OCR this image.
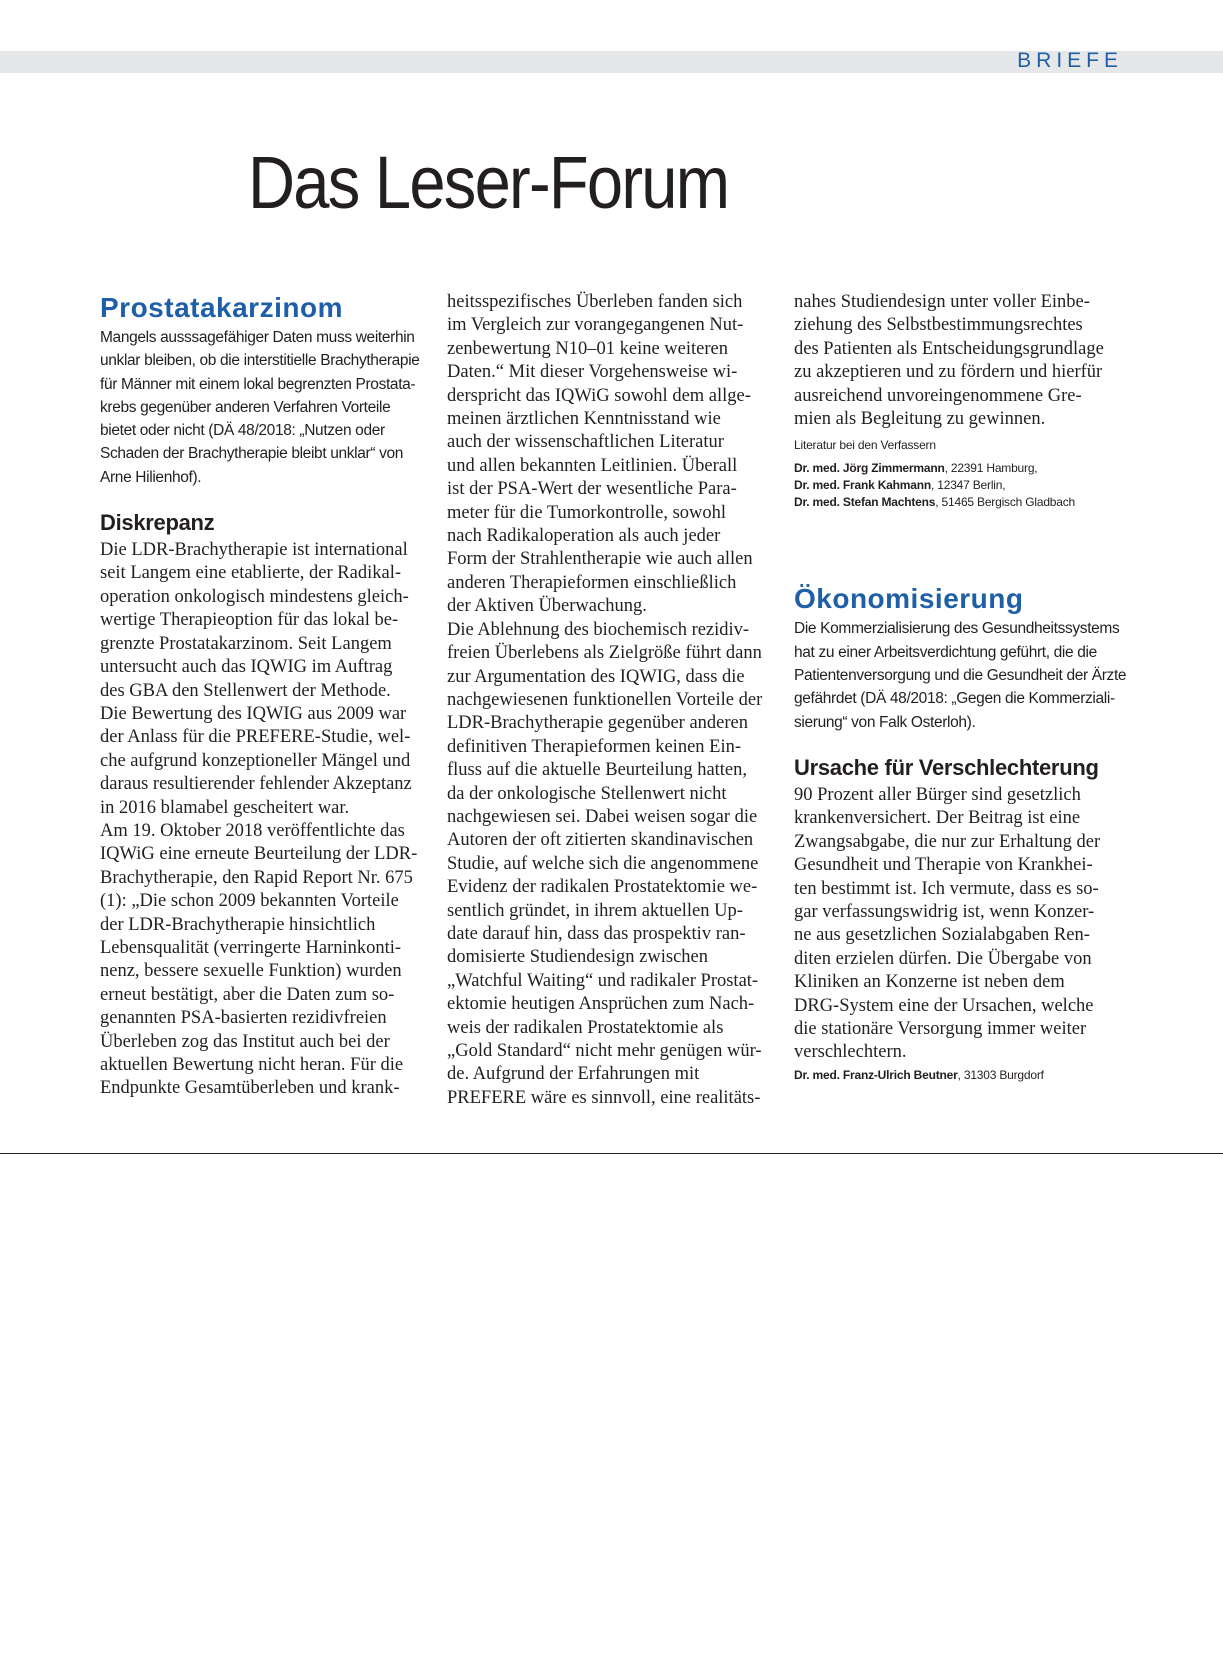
BRIEFE
Das Leser-Forum
Prostatakarzinom

Mangels ausssagefähiger Daten muss weiterhin
unklar bleiben, ob die interstitielle Brachytherapie
für Männer mit einem lokal begrenzten Prostata-
krebs gegenüber anderen Verfahren Vorteile
bietet oder nicht (DÄ 48/2018: „Nutzen oder
Schaden der Brachytherapie bleibt unklar“ von
Arne Hilienhof).

Diskrepanz

Die LDR-Brachytherapie ist international
seit Langem eine etablierte, der Radikal-
operation onkologisch mindestens gleich-
wertige Therapieoption für das lokal be-
grenzte Prostatakarzinom. Seit Langem
untersucht auch das IQWIG im Auftrag
des GBA den Stellenwert der Methode.
Die Bewertung des IQWIG aus 2009 war
der Anlass für die PREFERE-Studie, wel-
che aufgrund konzeptioneller Mängel und
daraus resultierender fehlender Akzeptanz
in 2016 blamabel gescheitert war.
Am 19. Oktober 2018 veröffentlichte das
IQWiG eine erneute Beurteilung der LDR-
Brachytherapie, den Rapid Report Nr. 675
(1): „Die schon 2009 bekannten Vorteile
der LDR-Brachytherapie hinsichtlich
Lebensqualität (verringerte Harninkonti-
nenz, bessere sexuelle Funktion) wurden
erneut bestätigt, aber die Daten zum so-
genannten PSA-basierten rezidivfreien
Überleben zog das Institut auch bei der
aktuellen Bewertung nicht heran. Für die
Endpunkte Gesamtüberleben und krank-

heitsspezifisches Überleben fanden sich
im Vergleich zur vorangegangenen Nut-
zenbewertung N10–01 keine weiteren
Daten.“ Mit dieser Vorgehensweise wi-
derspricht das IQWiG sowohl dem allge-
meinen ärztlichen Kenntnisstand wie
auch der wissenschaftlichen Literatur
und allen bekannten Leitlinien. Überall
ist der PSA-Wert der wesentliche Para-
meter für die Tumorkontrolle, sowohl
nach Radikaloperation als auch jeder
Form der Strahlentherapie wie auch allen
anderen Therapieformen einschließlich
der Aktiven Überwachung.
Die Ablehnung des biochemisch rezidiv-
freien Überlebens als Zielgröße führt dann
zur Argumentation des IQWIG, dass die
nachgewiesenen funktionellen Vorteile der
LDR-Brachytherapie gegenüber anderen
definitiven Therapieformen keinen Ein-
fluss auf die aktuelle Beurteilung hatten,
da der onkologische Stellenwert nicht
nachgewiesen sei. Dabei weisen sogar die
Autoren der oft zitierten skandinavischen
Studie, auf welche sich die angenommene
Evidenz der radikalen Prostatektomie we-
sentlich gründet, in ihrem aktuellen Up-
date darauf hin, dass das prospektiv ran-
domisierte Studiendesign zwischen
„Watchful Waiting“ und radikaler Prostat-
ektomie heutigen Ansprüchen zum Nach-
weis der radikalen Prostatektomie als
„Gold Standard“ nicht mehr genügen wür-
de. Aufgrund der Erfahrungen mit
PREFERE wäre es sinnvoll, eine realitäts-

nahes Studiendesign unter voller Einbe-
ziehung des Selbstbestimmungsrechtes
des Patienten als Entscheidungsgrundlage
zu akzeptieren und zu fördern und hierfür
ausreichend unvoreingenommene Gre-
mien als Begleitung zu gewinnen.

Literatur bei den Verfassern

Dr. med. Jörg Zimmermann, 22391 Hamburg,

Dr. med. Frank Kahmann, 12347 Berlin,

Dr. med. Stefan Machtens, 51465 Bergisch Gladbach

Ökonomisierung

Die Kommerzialisierung des Gesundheitssystems
hat zu einer Arbeitsverdichtung geführt, die die
Patientenversorgung und die Gesundheit der Ärzte
gefährdet (DÄ 48/2018: „Gegen die Kommerziali-
sierung“ von Falk Osterloh).

Ursache für Verschlechterung

90 Prozent aller Bürger sind gesetzlich
krankenversichert. Der Beitrag ist eine
Zwangsabgabe, die nur zur Erhaltung der
Gesundheit und Therapie von Krankhei-
ten bestimmt ist. Ich vermute, dass es so-
gar verfassungswidrig ist, wenn Konzer-
ne aus gesetzlichen Sozialabgaben Ren-
diten erzielen dürfen. Die Übergabe von
Kliniken an Konzerne ist neben dem
DRG-System eine der Ursachen, welche
die stationäre Versorgung immer weiter
verschlechtern.

Dr. med. Franz-Ulrich Beutner, 31303 Burgdorf
